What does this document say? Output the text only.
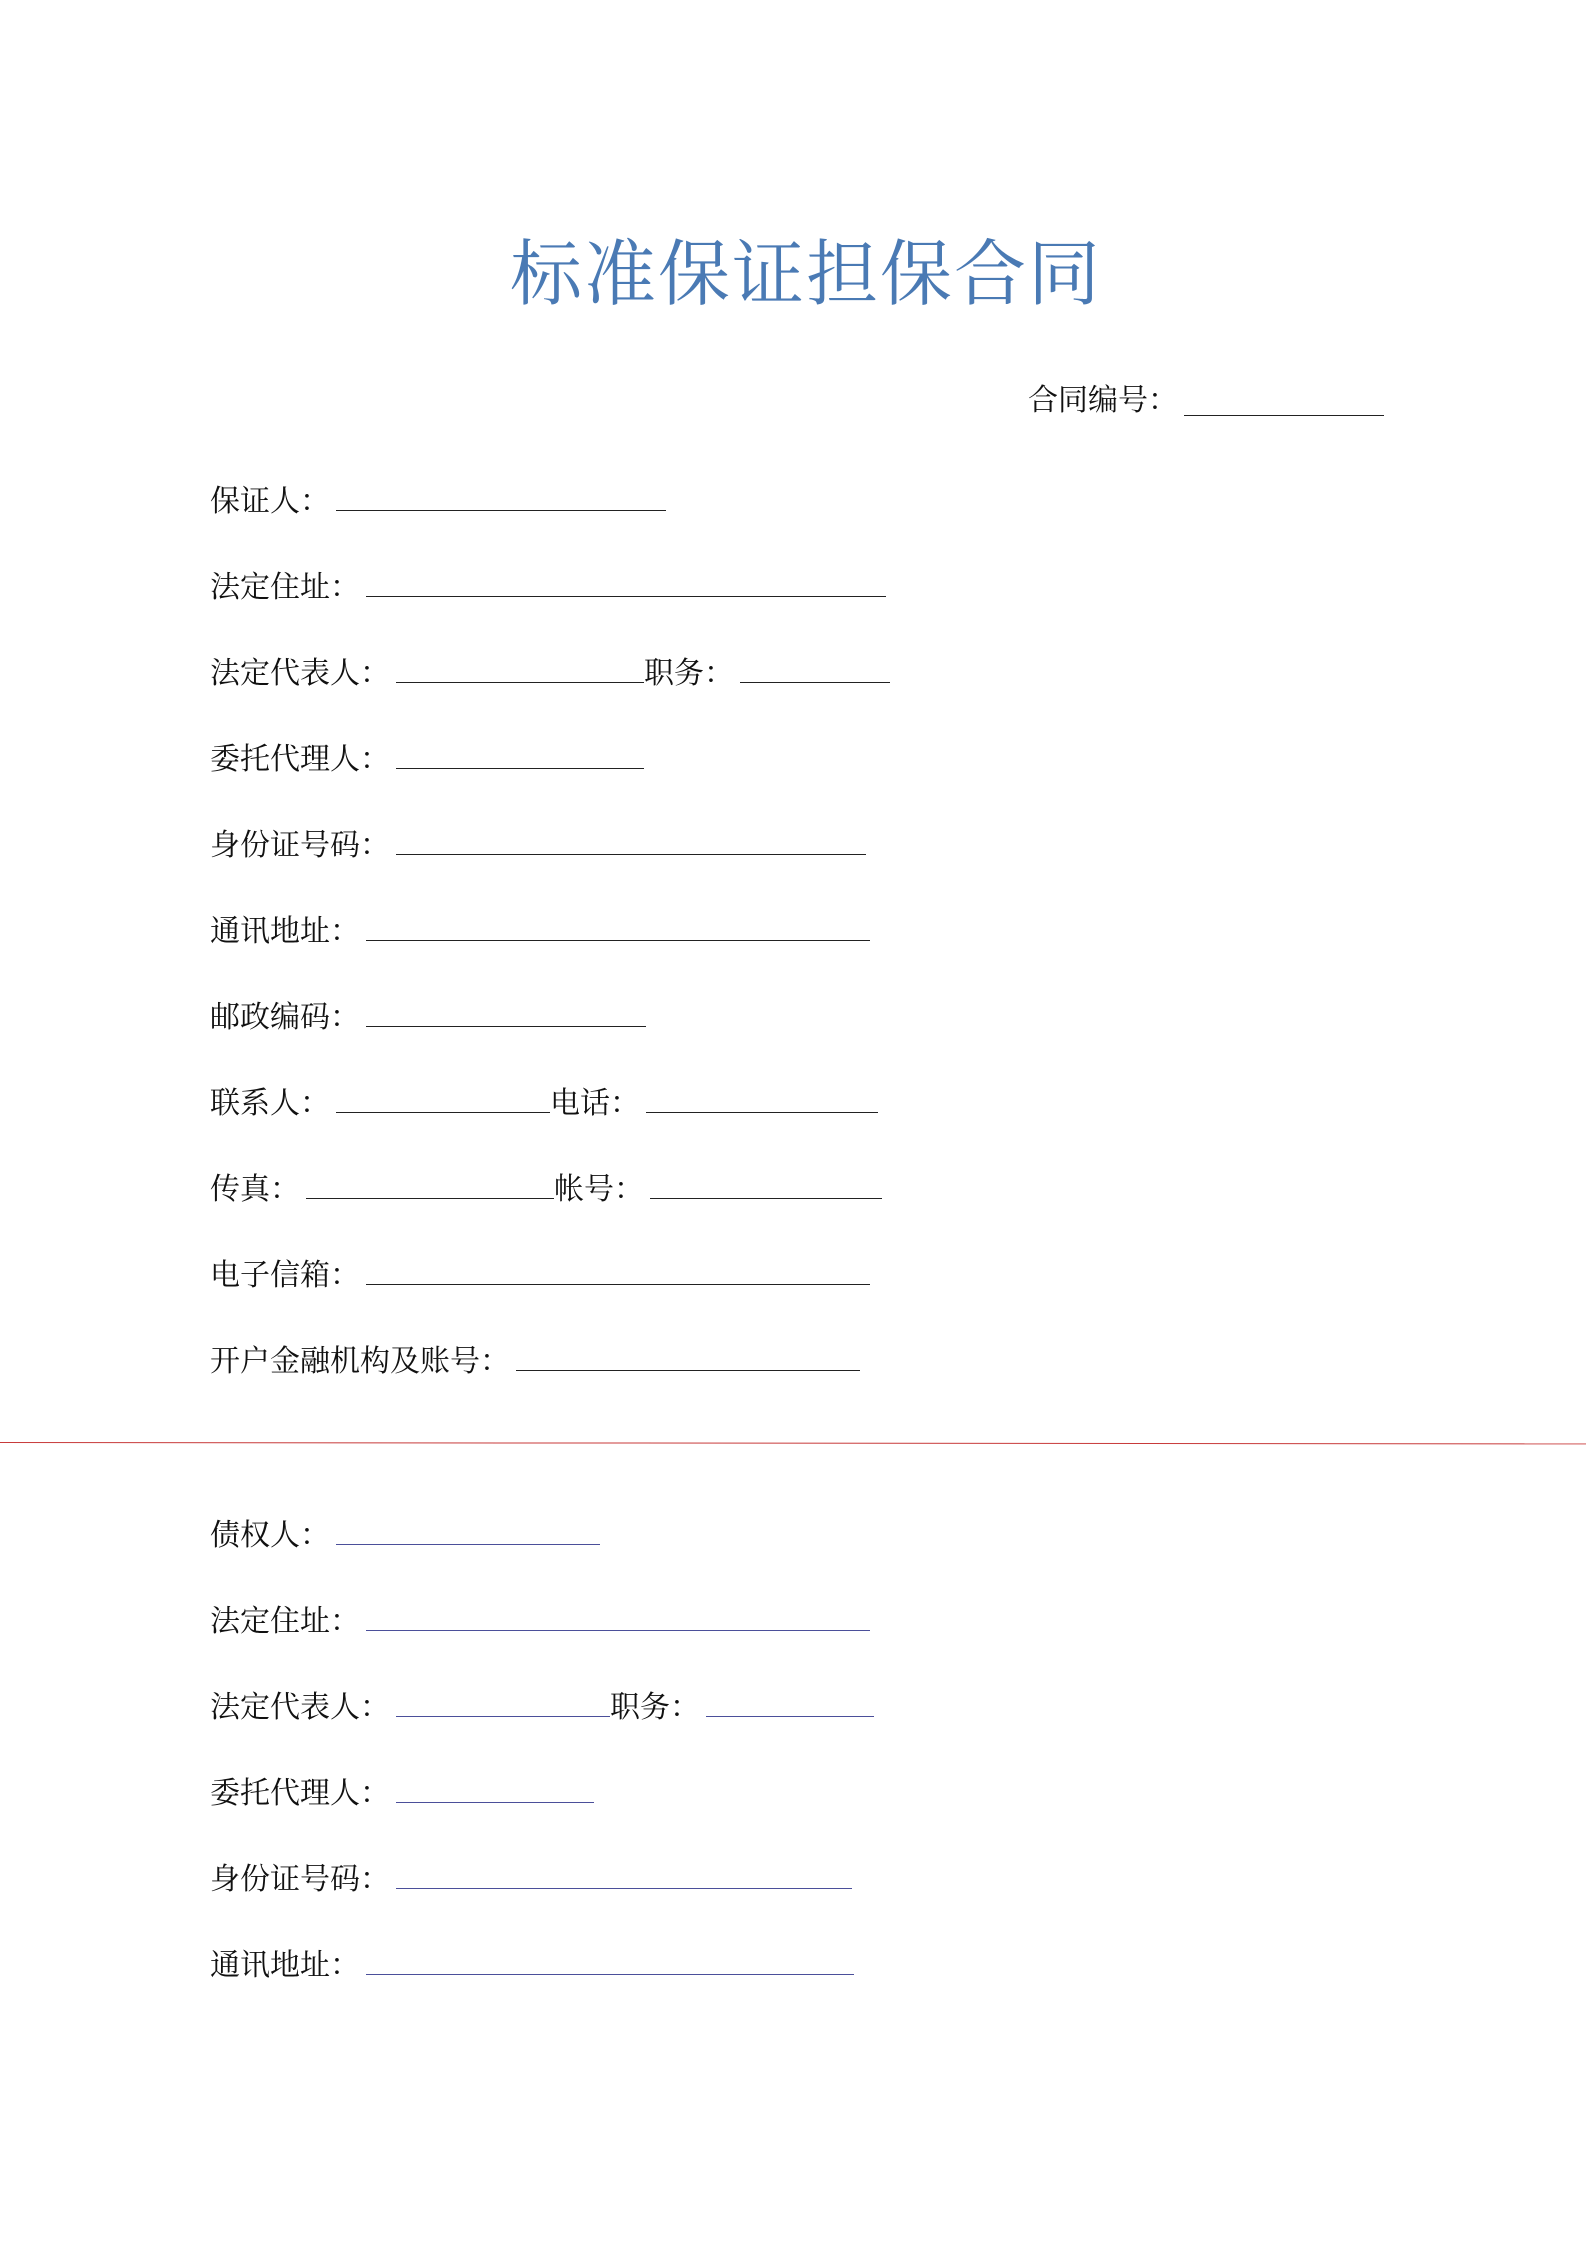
标准保证担保合同
合同编号：
保证人：
法定住址：
法定代表人：	职务：
委托代理人：
身份证号码：
通讯地址：
邮政编码：
联系人：	电话：
传真：	帐号：
电子信箱：
开户金融机构及账号：
债权人：
法定住址：
法定代表人：	职务：
委托代理人：
身份证号码：
通讯地址：
